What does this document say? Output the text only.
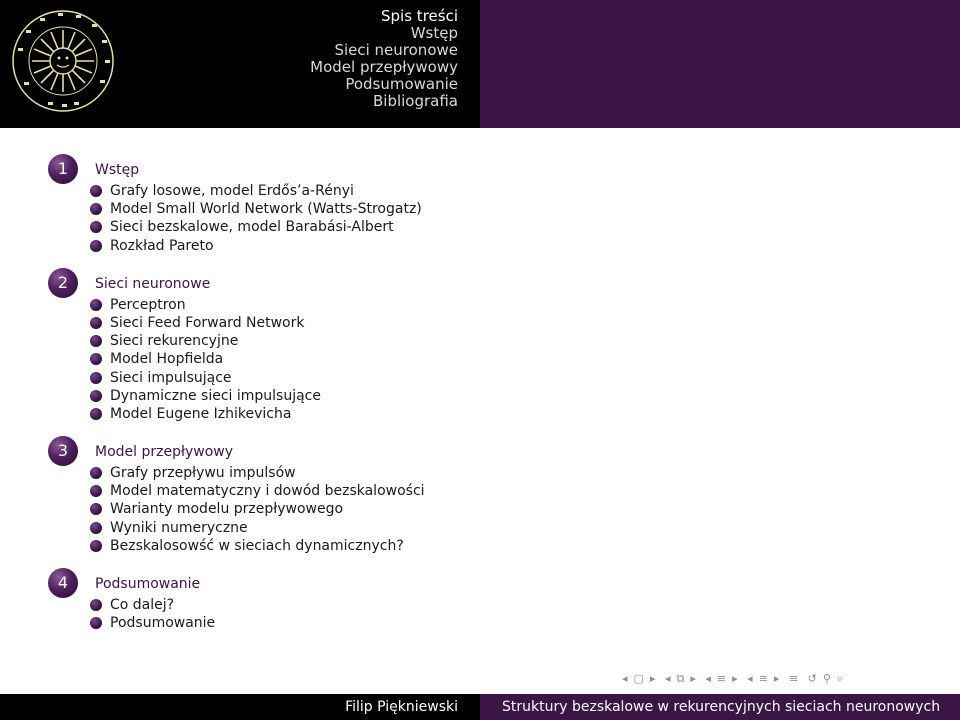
Spis treści
Wstęp
Sieci neuronowe
Model przepływowy
Podsumowanie
Bibliografia
1	Wstęp
Grafy losowe, model Erdős’a-Rényi
Model Small World Network (Watts-Strogatz)
Sieci bezskalowe, model Barabási-Albert
Rozkład Pareto
2	Sieci neuronowe
Perceptron
Sieci Feed Forward Network
Sieci rekurencyjne
Model Hopfielda
Sieci impulsujące
Dynamiczne sieci impulsujące
Model Eugene Izhikevicha
3	Model przepływowy
Grafy przepływu impulsów
Model matematyczny i dowód bezskalowości
Warianty modelu przepływowego
Wyniki numeryczne
Bezskalosowść w sieciach dynamicznych?
4	Podsumowanie
Co dalej?
Podsumowanie
◂ ▢ ▸ ◂ ⧉ ▸ ◂ ≡ ▸ ◂ ≡ ▸ ≡ ↺ ⚲ ⌕
Filip Piękniewski	Struktury bezskalowe w rekurencyjnych sieciach neuronowych
